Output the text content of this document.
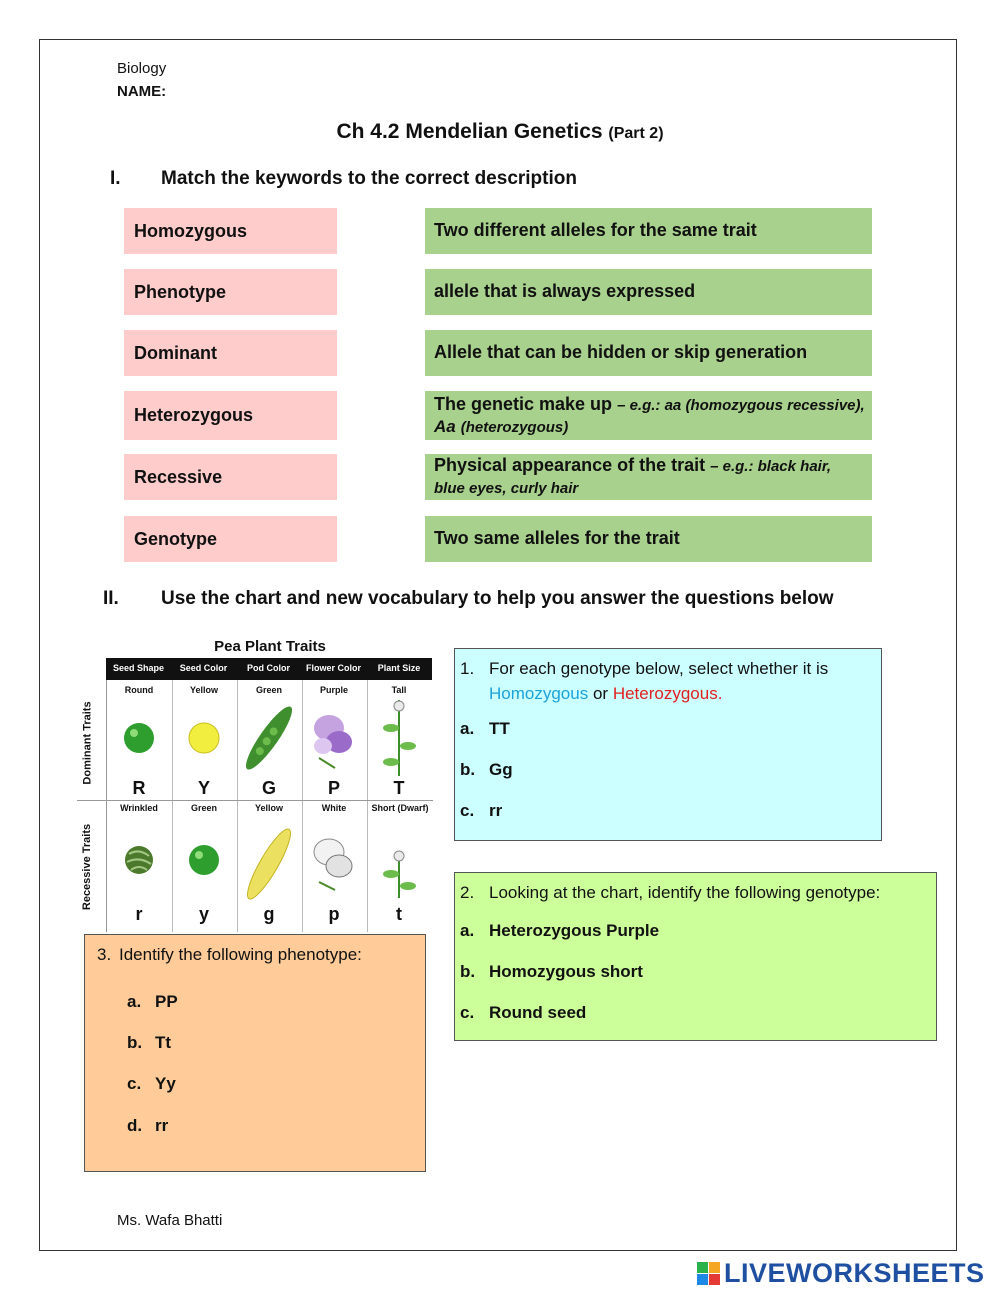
Biology
NAME:
Ch 4.2 Mendelian Genetics (Part 2)
I. Match the keywords to the correct description
Homozygous
Phenotype
Dominant
Heterozygous
Recessive
Genotype
Two different alleles for the same trait
allele that is always expressed
Allele that can be hidden or skip generation
The genetic make up – e.g.: aa (homozygous recessive),
Aa (heterozygous)
Physical appearance of the trait – e.g.: black hair,
blue eyes, curly hair
Two same alleles for the trait
II. Use the chart and new vocabulary to help you answer the questions below
Pea Plant Traits
Seed Shape	Seed Color	Pod Color	Flower Color	Plant Size
Round	Yellow	Green	Purple	Tall
R	Y	G	P	T
Wrinkled	Green	Yellow	White	Short (Dwarf)
r	y	g	p	t
Dominant Traits
Recessive Traits
1. For each genotype below, select whether it is
Homozygous or Heterozygous.
a. TT
b. Gg
c. rr
2. Looking at the chart, identify the following genotype:
a. Heterozygous Purple
b. Homozygous short
c. Round seed
3. Identify the following phenotype:
a. PP
b. Tt
c. Yy
d. rr
Ms. Wafa Bhatti
LIVEWORKSHEETS
